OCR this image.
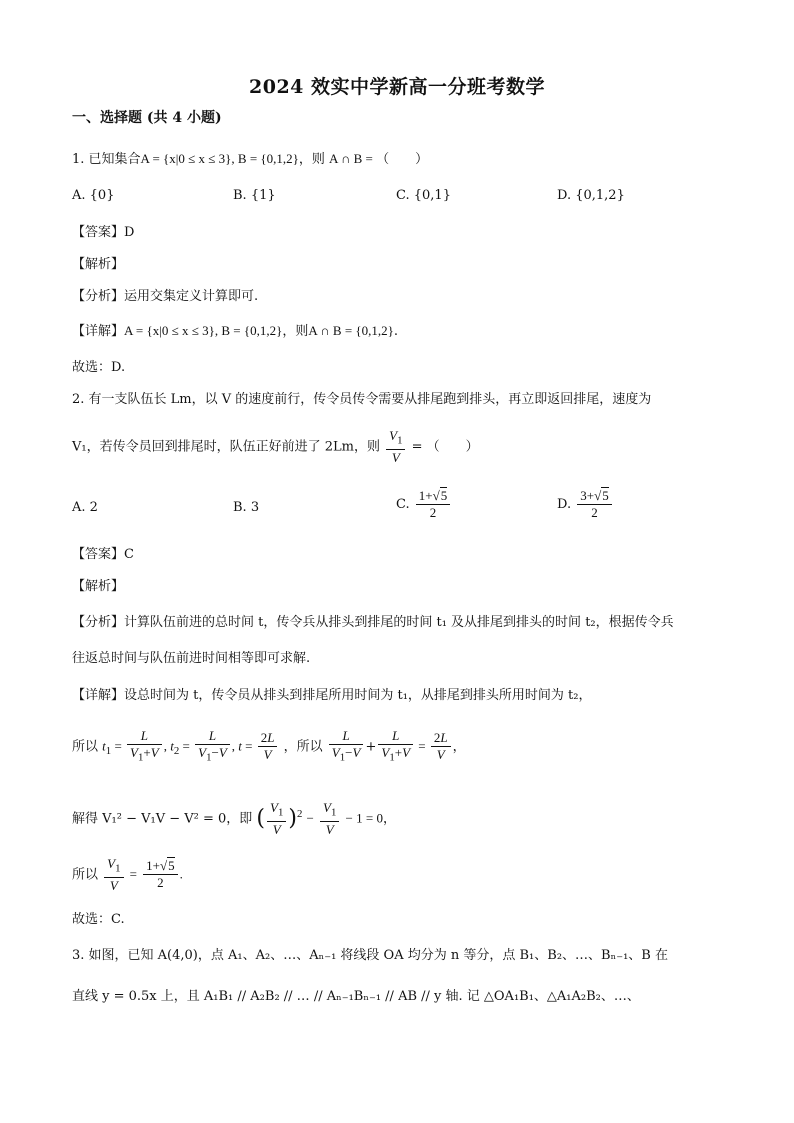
2024 效实中学新高一分班考数学
一、选择题 (共 4 小题)
1. 已知集合A = {x|0 ≤ x ≤ 3}, B = {0,1,2}，则 A ∩ B = （　　）
A. {0}	B. {1}	C. {0,1}	D. {0,1,2}
【答案】D
【解析】
【分析】运用交集定义计算即可.
【详解】A = {x|0 ≤ x ≤ 3}, B = {0,1,2}，则A ∩ B = {0,1,2}.
故选：D.
2. 有一支队伍长 Lm，以 V 的速度前行，传令员传令需要从排尾跑到排头，再立即返回排尾，速度为
V₁，若传令员回到排尾时，队伍正好前进了 2Lm，则 $\frac{V_1}{V}$ = （　　）
A. 2	B. 3	C. $\frac{1+√5}{2}$	D. $\frac{3+√5}{2}$
【答案】C
【解析】
【分析】计算队伍前进的总时间 t，传令兵从排头到排尾的时间 t₁ 及从排尾到排头的时间 t₂，根据传令兵
往返总时间与队伍前进时间相等即可求解.
【详解】设总时间为 t，传令员从排头到排尾所用时间为 t₁，从排尾到排头所用时间为 t₂，
所以 $t_1 = \frac{L}{V_1+V}$ , $t_2 = \frac{L}{V_1-V}$ , $t = \frac{2L}{V}$ ，所以 $\frac{L}{V_1-V} + \frac{L}{V_1+V} = \frac{2L}{V}$ ，
解得 V₁² − V₁V − V² = 0，即 ( $\frac{V_1}{V} )^2 - \frac{V_1}{V} - 1 = 0$，
所以 $\frac{V_1}{V} = \frac{1+√5}{2}$ .
故选：C.
3. 如图，已知 A(4,0)，点 A₁、A₂、…、Aₙ₋₁ 将线段 OA 均分为 n 等分，点 B₁、B₂、…、Bₙ₋₁、B 在
直线 y = 0.5x 上，且 A₁B₁ // A₂B₂ // … // Aₙ₋₁Bₙ₋₁ // AB // y 轴. 记 △OA₁B₁、△A₁A₂B₂、…、
